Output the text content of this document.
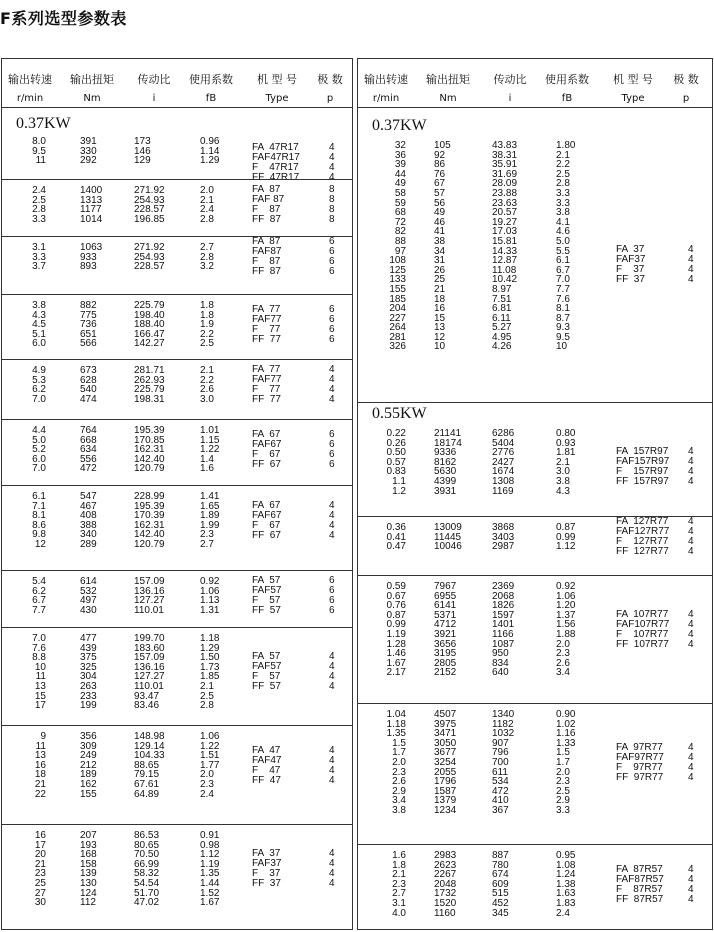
F系列选型参数表
输出转速
r/min
输出扭矩
Nm
传动比
i
使用系数
fB
机 型 号
Type
极 数
p
0.37KW
8.0
9.5
11
391
330
292
173
146
129
0.96
1.14
1.29
FA  47R17
FAF47R17
F    47R17
FF  47R17
4
4
4
4
2.4
2.5
2.8
3.3
1400
1313
1177
1014
271.92
254.93
228.57
196.85
2.0
2.1
2.4
2.8
FA  87
FAF 87
F    87
FF  87
8
8
8
8
3.1
3.3
3.7
1063
933
893
271.92
254.93
228.57
2.7
2.8
3.2
FA  87
FAF87
F    87
FF  87
6
6
6
6
3.8
4.3
4.5
5.1
6.0
882
775
736
651
566
225.79
198.40
188.40
166.47
142.27
1.8
1.8
1.9
2.2
2.5
FA  77
FAF77
F    77
FF  77
6
6
6
6
4.9
5.3
6.2
7.0
673
628
540
474
281.71
262.93
225.79
198.31
2.1
2.2
2.6
3.0
FA  77
FAF77
F    77
FF  77
4
4
4
4
4.4
5.0
5.2
6.0
7.0
764
668
634
556
472
195.39
170.85
162.31
142.40
120.79
1.01
1.15
1.22
1.4
1.6
FA  67
FAF67
F    67
FF  67
6
6
6
6
6.1
7.1
8.1
8.6
9.8
12
547
467
408
388
340
289
228.99
195.39
170.39
162.31
142.40
120.79
1.41
1.65
1.89
1.99
2.3
2.7
FA  67
FAF67
F    67
FF  67
4
4
4
4
5.4
6.2
6.7
7.7
614
532
497
430
157.09
136.16
127.27
110.01
0.92
1.06
1.13
1.31
FA  57
FAF57
F    57
FF  57
6
6
6
6
7.0
7.6
8.8
10
11
13
15
17
477
439
375
325
304
263
233
199
199.70
183.60
157.09
136.16
127.27
110.01
93.47
83.46
1.18
1.29
1.50
1.73
1.85
2.1
2.5
2.8
FA  57
FAF57
F    57
FF  57
4
4
4
4
9
11
13
16
18
21
22
356
309
249
212
189
162
155
148.98
129.14
104.33
88.65
79.15
67.61
64.89
1.06
1.22
1.51
1.77
2.0
2.3
2.4
FA  47
FAF47
F    47
FF  47
4
4
4
4
16
17
20
21
23
25
27
30
207
193
168
158
139
130
124
112
86.53
80.65
70.50
66.99
58.32
54.54
51.70
47.02
0.91
0.98
1.12
1.19
1.35
1.44
1.52
1.67
FA  37
FAF37
F    37
FF  37
4
4
4
4
输出转速
r/min
输出扭矩
Nm
传动比
i
使用系数
fB
机 型 号
Type
极 数
p
0.37KW
32
36
39
44
49
58
59
68
72
82
88
97
108
125
133
155
185
204
227
264
281
326
105
92
86
76
67
57
56
49
46
41
38
34
31
26
25
21
18
16
15
13
12
10
43.83
38.31
35.91
31.69
28.09
23.88
23.63
20.57
19.27
17.03
15.81
14.33
12.87
11.08
10.42
8.97
7.51
6.81
6.11
5.27
4.95
4.26
1.80
2.1
2.2
2.5
2.8
3.3
3.3
3.8
4.1
4.6
5.0
5.5
6.1
6.7
7.0
7.7
7.6
8.1
8.7
9.3
9.5
10
FA  37
FAF37
F    37
FF  37
4
4
4
4
0.22
0.26
0.50
0.57
0.83
1.1
1.2
21141
18174
9336
8162
5630
4399
3931
6286
5404
2776
2427
1674
1308
1169
0.80
0.93
1.81
2.1
3.0
3.8
4.3
FA  157R97
FAF157R97
F    157R97
FF  157R97
4
4
4
4
0.36
0.41
0.47
13009
11445
10046
3868
3403
2987
0.87
0.99
1.12
FA  127R77
FAF127R77
F    127R77
FF  127R77
4
4
4
4
0.59
0.67
0.76
0.87
0.99
1.19
1.28
1.46
1.67
2.17
7967
6955
6141
5371
4712
3921
3656
3195
2805
2152
2369
2068
1826
1597
1401
1166
1087
950
834
640
0.92
1.06
1.20
1.37
1.56
1.88
2.0
2.3
2.6
3.4
FA  107R77
FAF107R77
F    107R77
FF  107R77
4
4
4
4
1.04
1.18
1.35
1.5
1.7
2.0
2.3
2.6
2.9
3.4
3.8
4507
3975
3471
3050
3677
3254
2055
1796
1587
1379
1234
1340
1182
1032
907
796
700
611
534
472
410
367
0.90
1.02
1.16
1.33
1.5
1.7
2.0
2.3
2.5
2.9
3.3
FA  97R77
FAF97R77
F    97R77
FF  97R77
4
4
4
4
1.6
1.8
2.1
2.3
2.7
3.1
4.0
2983
2623
2267
2048
1732
1520
1160
887
780
674
609
515
452
345
0.95
1.08
1.24
1.38
1.63
1.83
2.4
FA  87R57
FAF87R57
F    87R57
FF  87R57
4
4
4
4
0.55KW
